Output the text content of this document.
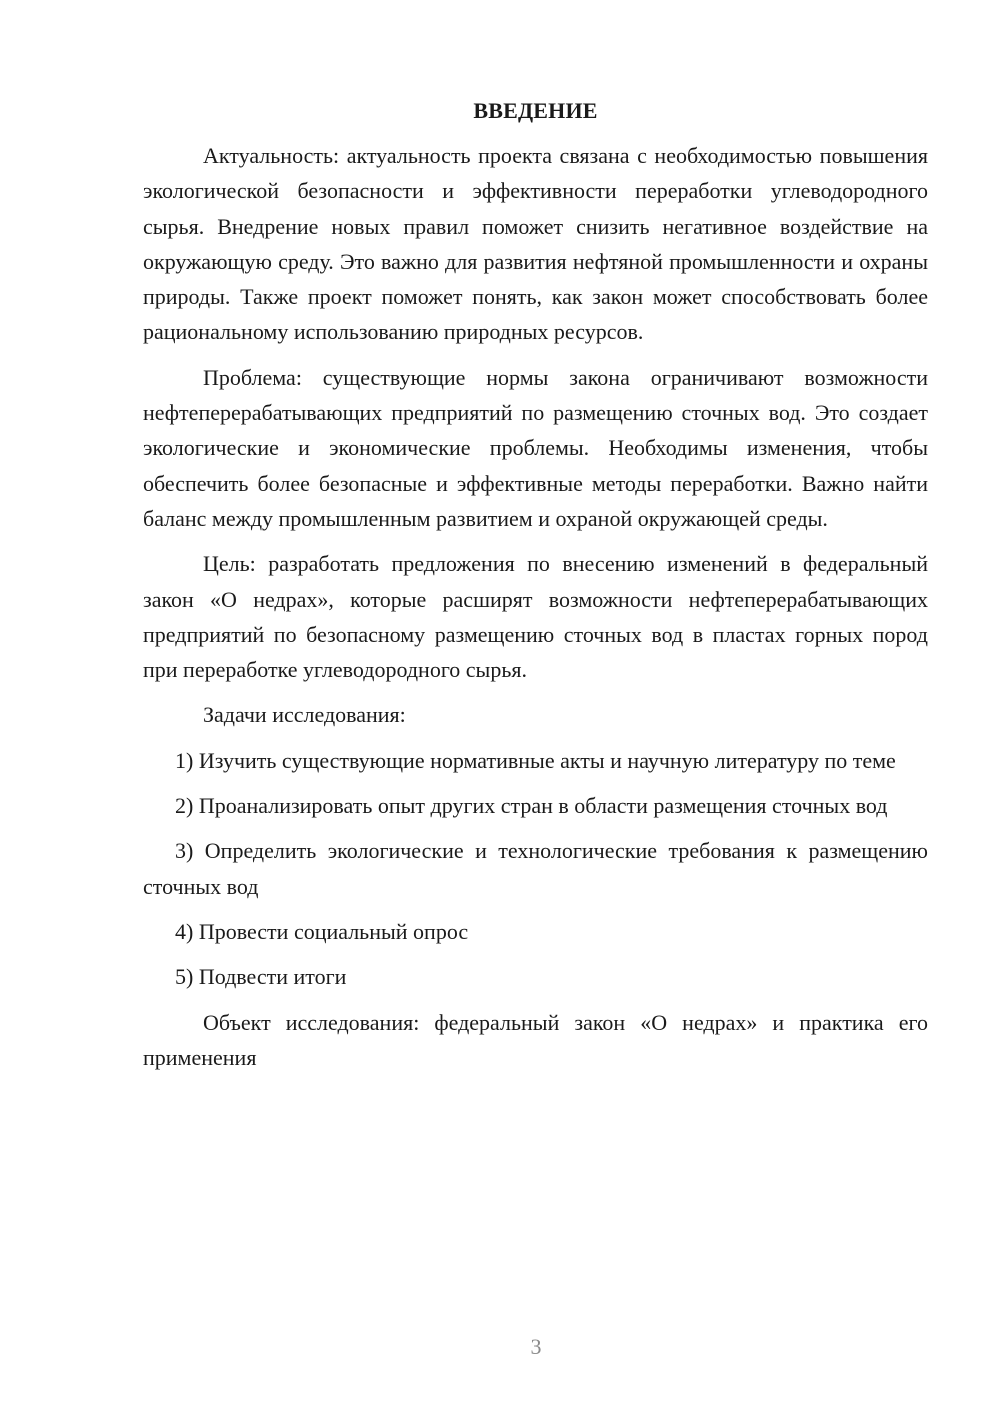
ВВЕДЕНИЕ

Актуальность: актуальность проекта связана с необходимостью повышения экологической безопасности и эффективности переработки углеводородного сырья. Внедрение новых правил поможет снизить негативное воздействие на окружающую среду. Это важно для развития нефтяной промышленности и охраны природы. Также проект поможет понять, как закон может способствовать более рациональному использованию природных ресурсов.

Проблема: существующие нормы закона ограничивают возможности нефтеперерабатывающих предприятий по размещению сточных вод. Это создает экологические и экономические проблемы. Необходимы изменения, чтобы обеспечить более безопасные и эффективные методы переработки. Важно найти баланс между промышленным развитием и охраной окружающей среды.

Цель: разработать предложения по внесению изменений в федеральный закон «О недрах», которые расширят возможности нефтеперерабатывающих предприятий по безопасному размещению сточных вод в пластах горных пород при переработке углеводородного сырья.

Задачи исследования:

1) Изучить существующие нормативные акты и научную литературу по теме

2) Проанализировать опыт других стран в области размещения сточных вод

3) Определить экологические и технологические требования к размещению сточных вод

4) Провести социальный опрос

5) Подвести итоги

Объект исследования: федеральный закон «О недрах» и практика его применения

3
